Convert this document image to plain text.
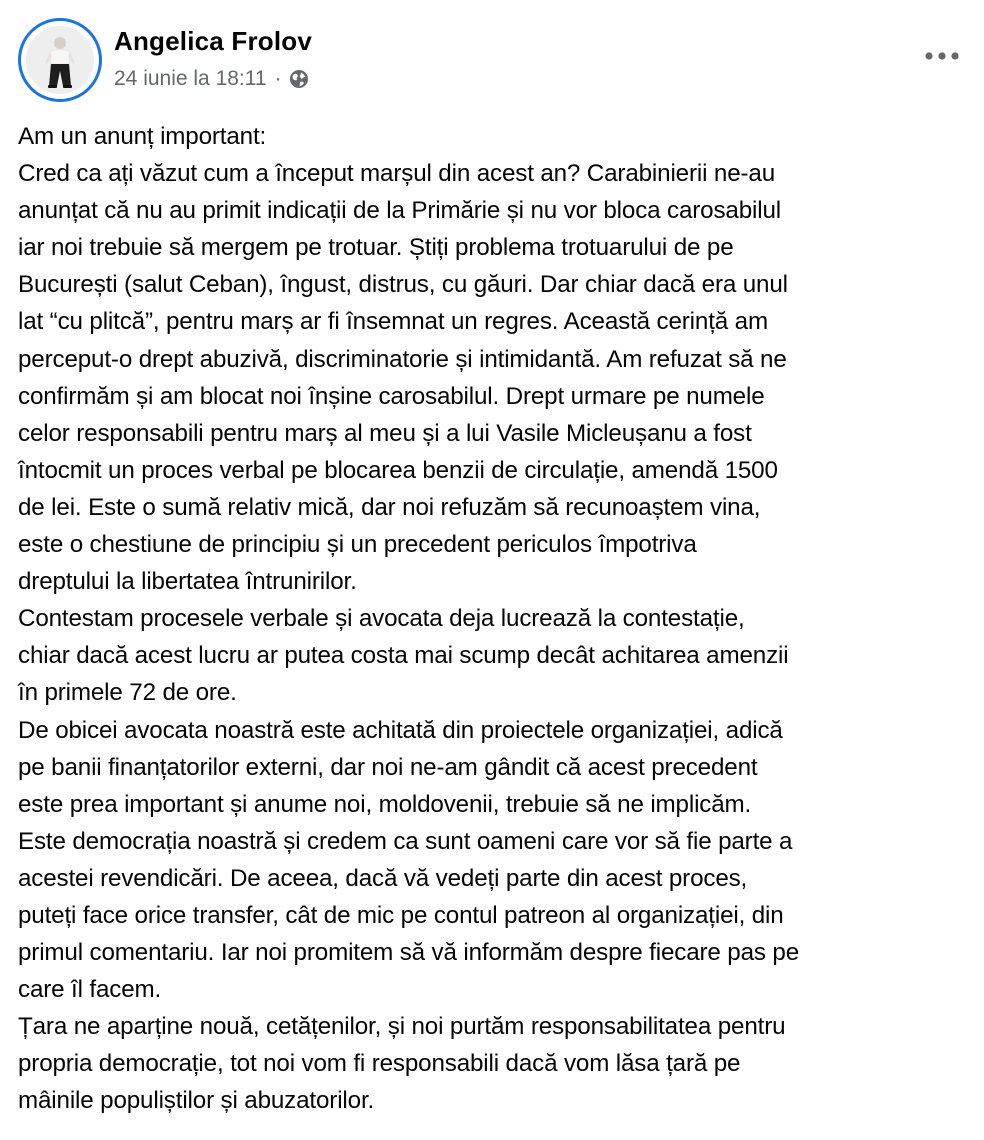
Angelica Frolov
24 iunie la 18:11 ·
Am un anunț important:
Cred ca ați văzut cum a început marșul din acest an? Carabinierii ne-au
anunțat că nu au primit indicații de la Primărie și nu vor bloca carosabilul
iar noi trebuie să mergem pe trotuar. Știți problema trotuarului de pe
București (salut Ceban), îngust, distrus, cu găuri. Dar chiar dacă era unul
lat “cu plitcă”, pentru marș ar fi însemnat un regres. Această cerință am
perceput-o drept abuzivă, discriminatorie și intimidantă. Am refuzat să ne
confirmăm și am blocat noi înșine carosabilul. Drept urmare pe numele
celor responsabili pentru marș al meu și a lui Vasile Micleușanu a fost
întocmit un proces verbal pe blocarea benzii de circulație, amendă 1500
de lei. Este o sumă relativ mică, dar noi refuzăm să recunoaștem vina,
este o chestiune de principiu și un precedent periculos împotriva
dreptului la libertatea întrunirilor.
Contestam procesele verbale și avocata deja lucrează la contestație,
chiar dacă acest lucru ar putea costa mai scump decât achitarea amenzii
în primele 72 de ore.
De obicei avocata noastră este achitată din proiectele organizației, adică
pe banii finanțatorilor externi, dar noi ne-am gândit că acest precedent
este prea important și anume noi, moldovenii, trebuie să ne implicăm.
Este democrația noastră și credem ca sunt oameni care vor să fie parte a
acestei revendicări. De aceea, dacă vă vedeți parte din acest proces,
puteți face orice transfer, cât de mic pe contul patreon al organizației, din
primul comentariu. Iar noi promitem să vă informăm despre fiecare pas pe
care îl facem.
Țara ne aparține nouă, cetățenilor, și noi purtăm responsabilitatea pentru
propria democrație, tot noi vom fi responsabili dacă vom lăsa țară pe
mâinile populiștilor și abuzatorilor.
